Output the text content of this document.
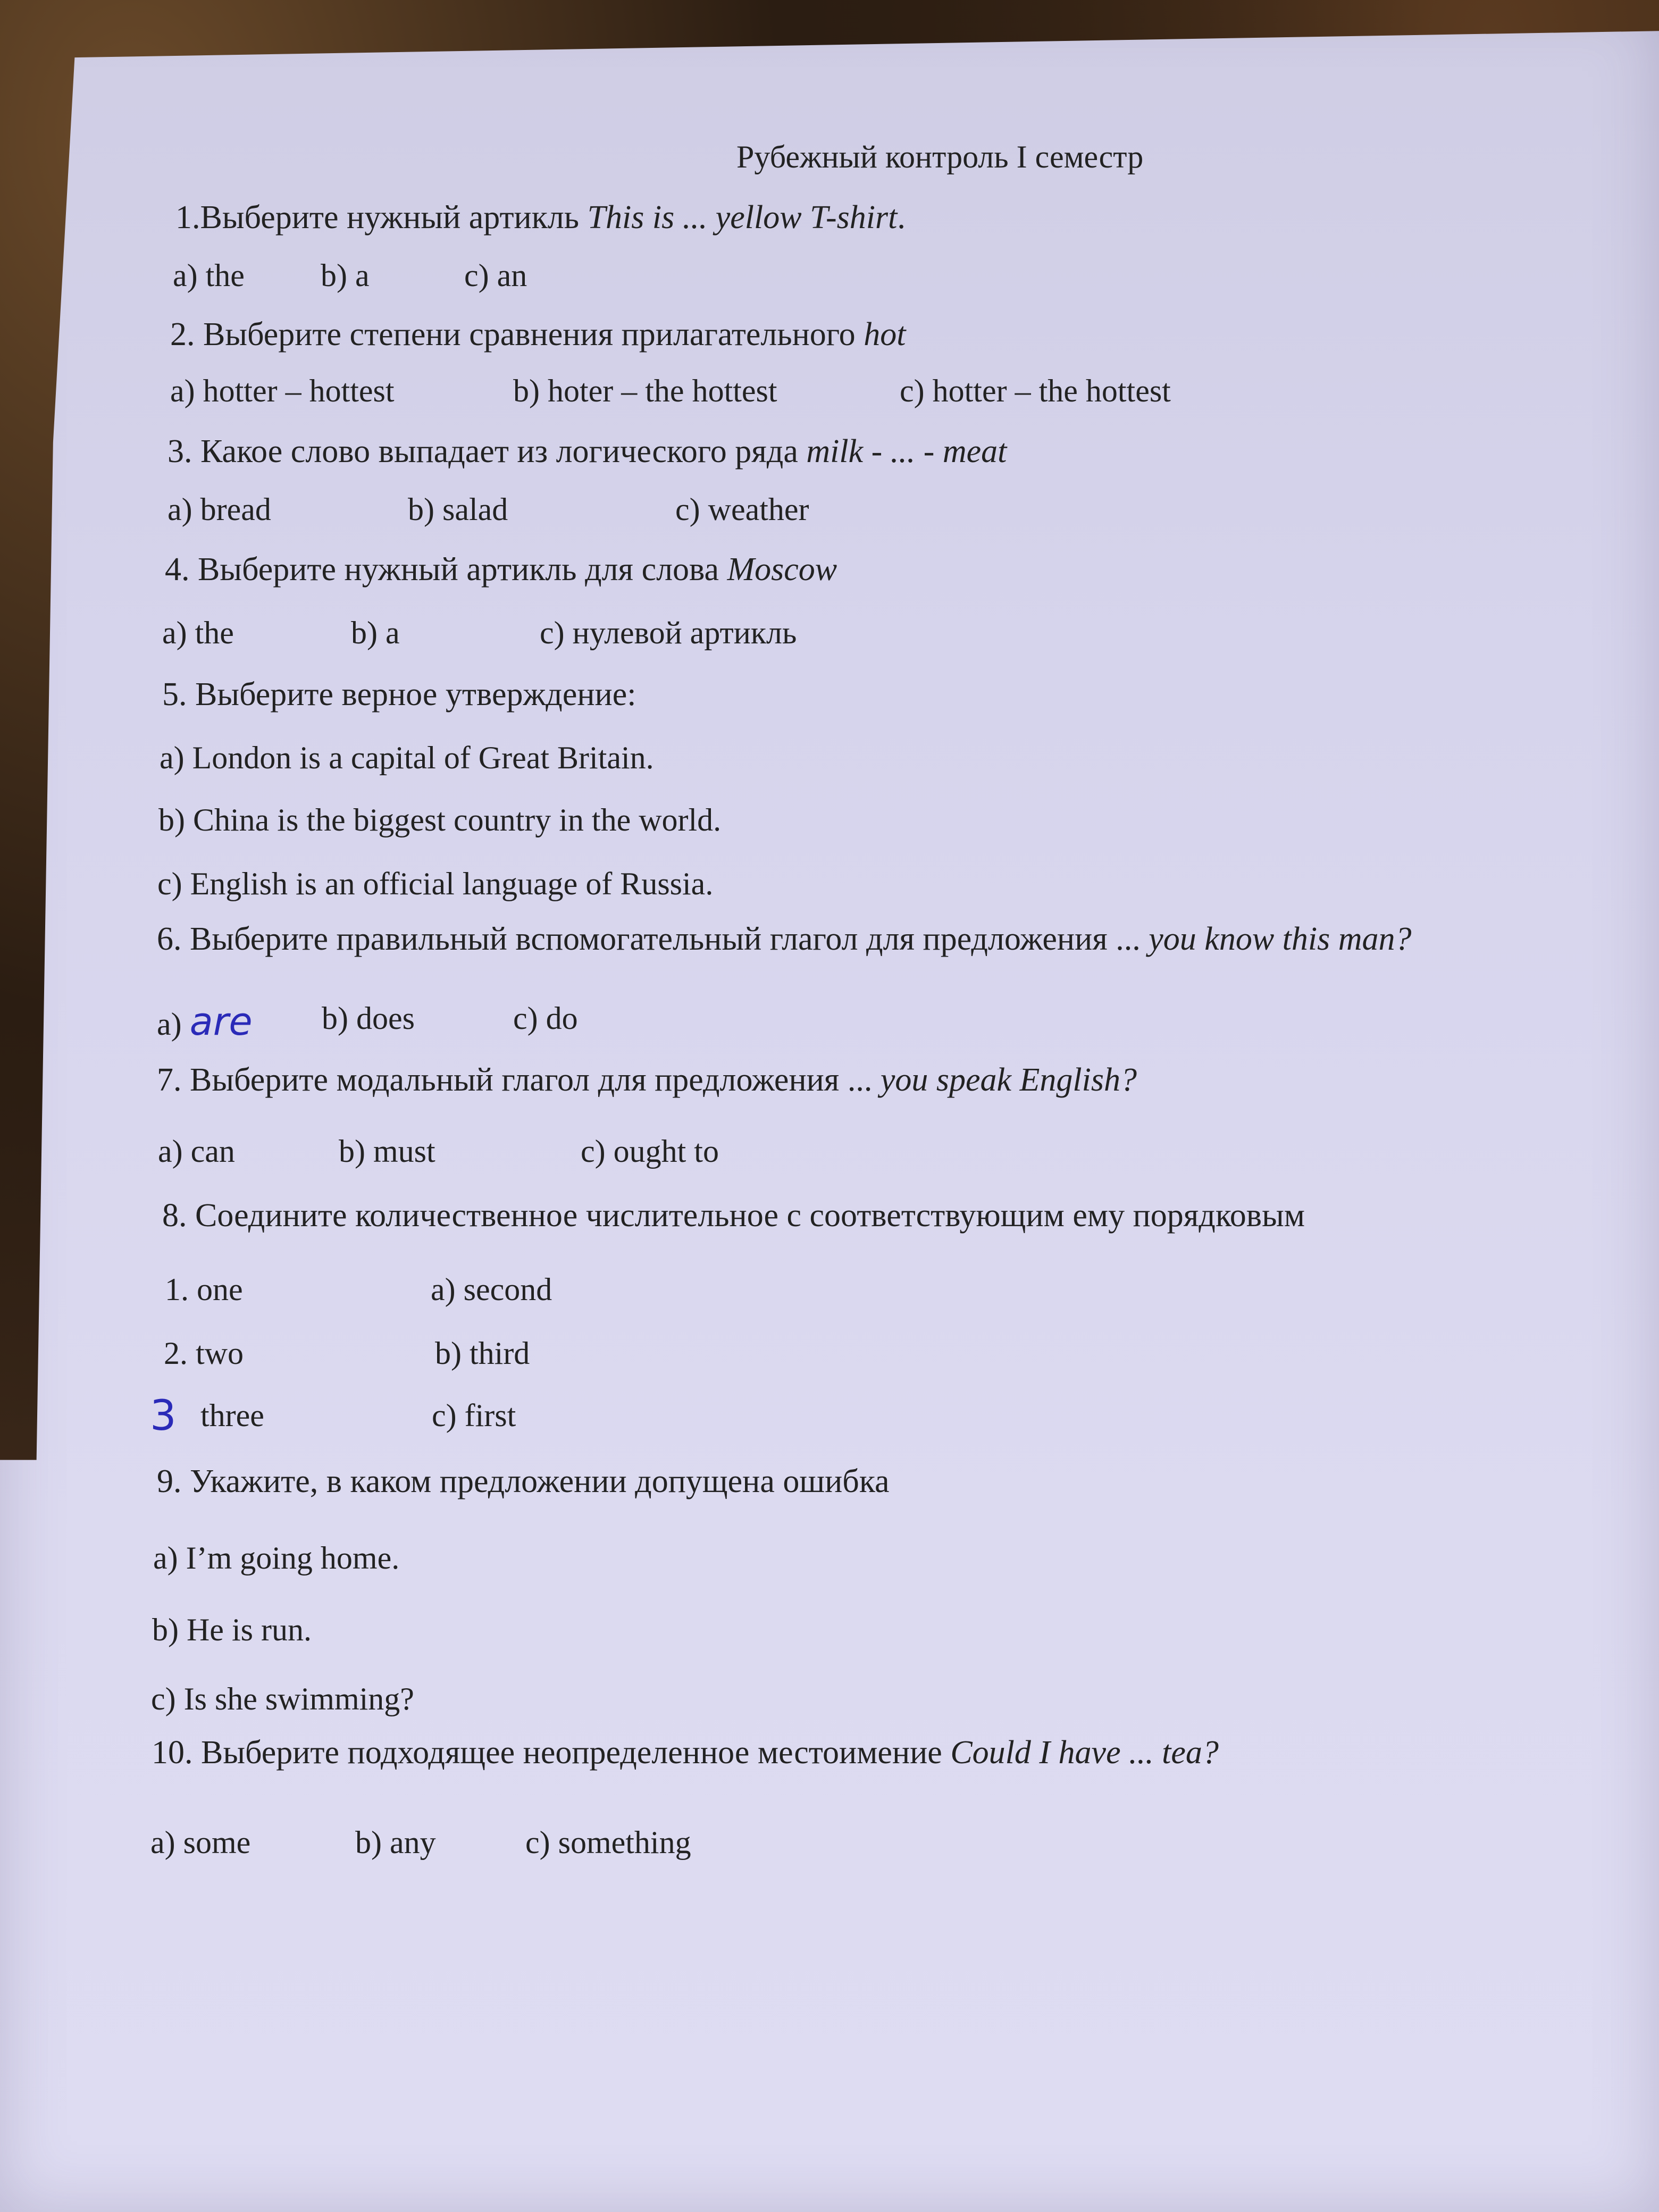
Рубежный контроль I семестр
1.Выберите нужный артикль This is ... yellow T-shirt.
a) the b) a	c) an
2. Выберите степени сравнения прилагательного hot
a) hotter – hottest	b) hoter – the hottest	c) hotter – the hottest
3. Какое слово выпадает из логического ряда milk - ... - meat
a) bread	b) salad	c) weather
4. Выберите нужный артикль для слова Moscow
a) the	b) a	c) нулевой артикль
5. Выберите верное утверждение:
a) London is a capital of Great Britain.
b) China is the biggest country in the world.
c) English is an official language of Russia.
6. Выберите правильный вспомогательный глагол для предложения ... you know this man?
a) are b) does	c) do
7. Выберите модальный глагол для предложения ... you speak English?
a) can	b) must	c) ought to
8. Соедините количественное числительное с соответствующим ему порядковым
1. one	a) second
2. two	b) third
3 three	c) first
9. Укажите, в каком предложении допущена ошибка
a) I’m going home.
b) He is run.
c) Is she swimming?
10. Выберите подходящее неопределенное местоимение Could I have ... tea?
a) some	b) any	c) something
